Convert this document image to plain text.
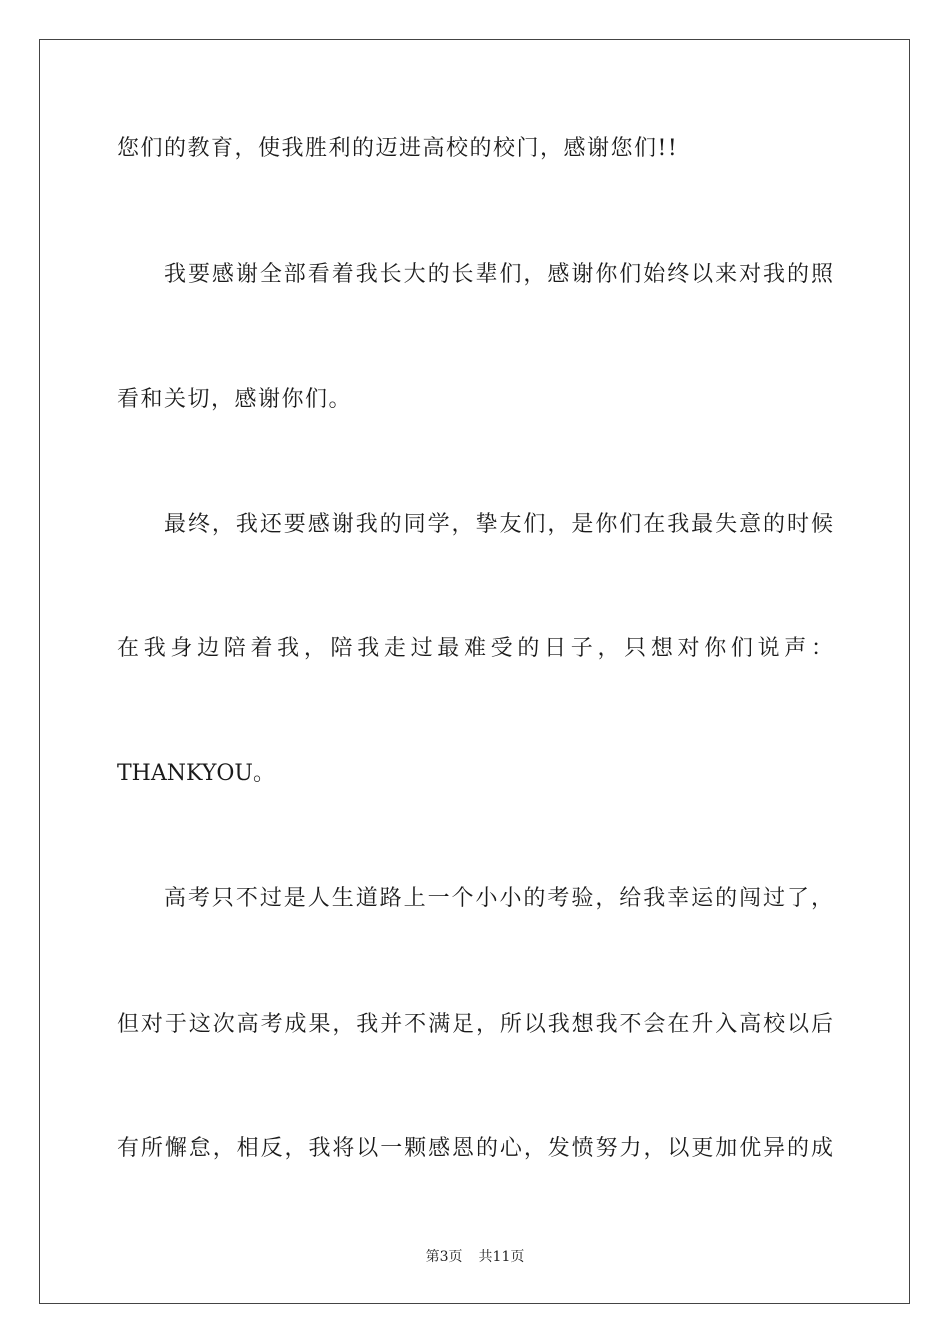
您们的教育，使我胜利的迈进高校的校门，感谢您们!!
我要感谢全部看着我长大的长辈们，感谢你们始终以来对我的照
看和关切，感谢你们。
最终，我还要感谢我的同学，挚友们，是你们在我最失意的时候
在我身边陪着我，陪我走过最难受的日子，只想对你们说声：
THANKYOU。
高考只不过是人生道路上一个小小的考验，给我幸运的闯过了，
但对于这次高考成果，我并不满足，所以我想我不会在升入高校以后
有所懈怠，相反，我将以一颗感恩的心，发愤努力，以更加优异的成
第3页 共11页
